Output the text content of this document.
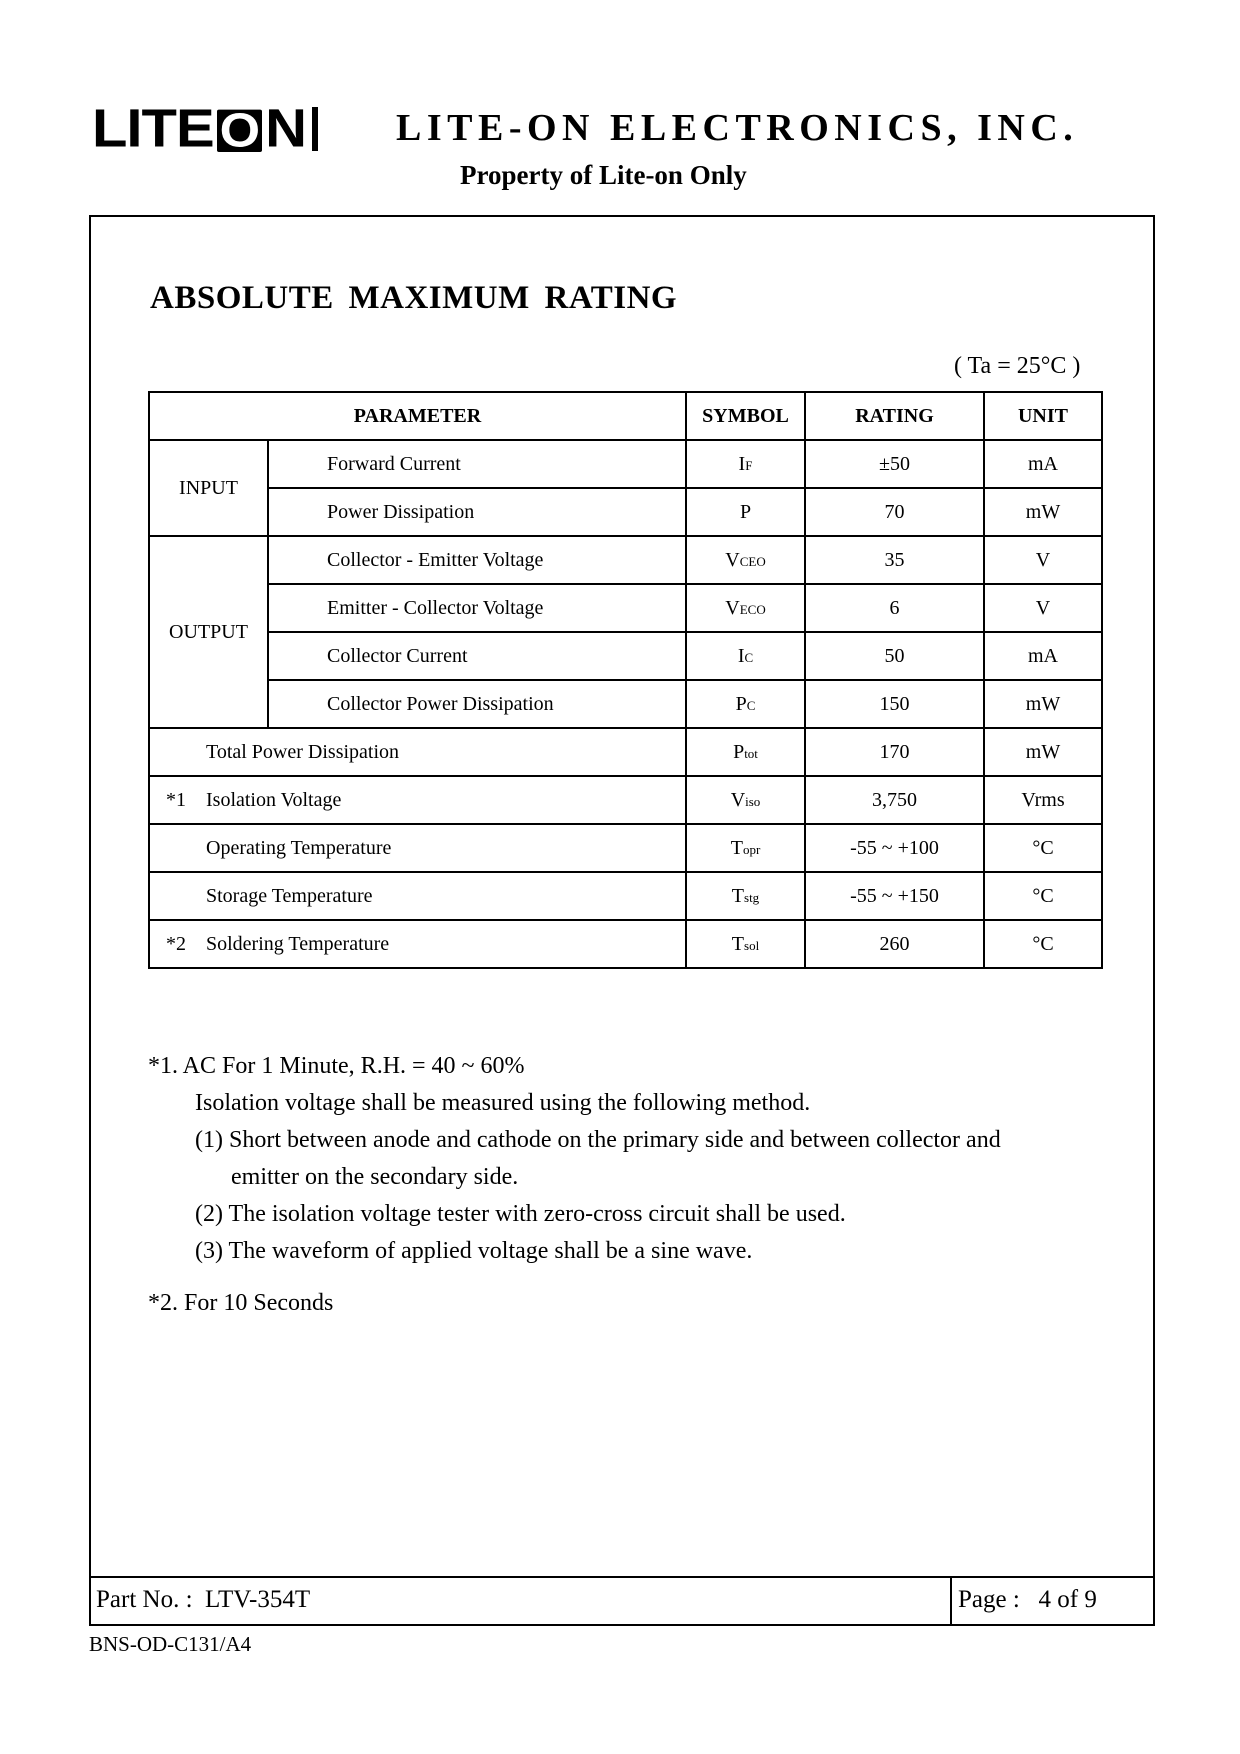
LITE O N LITE-ON ELECTRONICS, INC.
Property of Lite-on Only
ABSOLUTE MAXIMUM RATING
( Ta = 25°C )
PARAMETER		SYMBOL	RATING	UNIT
INPUT	Forward Current	IF	±50	mA
	Power Dissipation	P	70	mW
OUTPUT	Collector - Emitter Voltage	VCEO	35	V
	Emitter - Collector Voltage	VECO	6	V
	Collector Current	IC	50	mA
	Collector Power Dissipation	PC	150	mW
Total Power Dissipation		Ptot	170	mW
*1 Isolation Voltage		Viso	3,750	Vrms
Operating Temperature		Topr	-55 ~ +100	°C
Storage Temperature		Tstg	-55 ~ +150	°C
*2 Soldering Temperature		Tsol	260	°C
*1. AC For 1 Minute, R.H. = 40 ~ 60%
Isolation voltage shall be measured using the following method.
(1) Short between anode and cathode on the primary side and between collector and
emitter on the secondary side.
(2) The isolation voltage tester with zero-cross circuit shall be used.
(3) The waveform of applied voltage shall be a sine wave.
*2. For 10 Seconds
Part No. : LTV-354T	Page : 4 of 9
BNS-OD-C131/A4
